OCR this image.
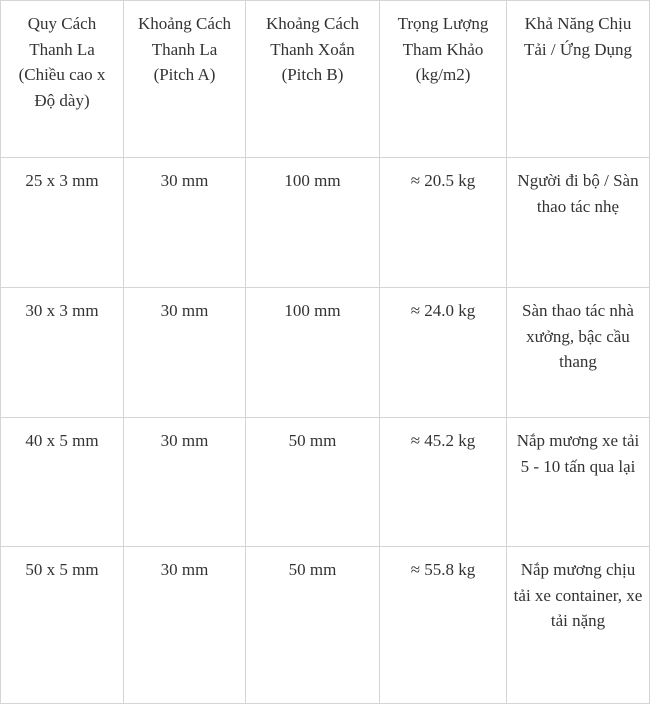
Quy Cách Thanh La (Chiều cao x Độ dày)	Khoảng Cách Thanh La (Pitch A)	Khoảng Cách Thanh Xoắn (Pitch B)	Trọng Lượng Tham Khảo (kg/m2)	Khả Năng Chịu Tải / Ứng Dụng
25 x 3 mm	30 mm	100 mm	≈ 20.5 kg	Người đi bộ / Sàn thao tác nhẹ
30 x 3 mm	30 mm	100 mm	≈ 24.0 kg	Sàn thao tác nhà xưởng, bậc cầu thang
40 x 5 mm	30 mm	50 mm	≈ 45.2 kg	Nắp mương xe tải 5 - 10 tấn qua lại
50 x 5 mm	30 mm	50 mm	≈ 55.8 kg	Nắp mương chịu tải xe container, xe tải nặng
